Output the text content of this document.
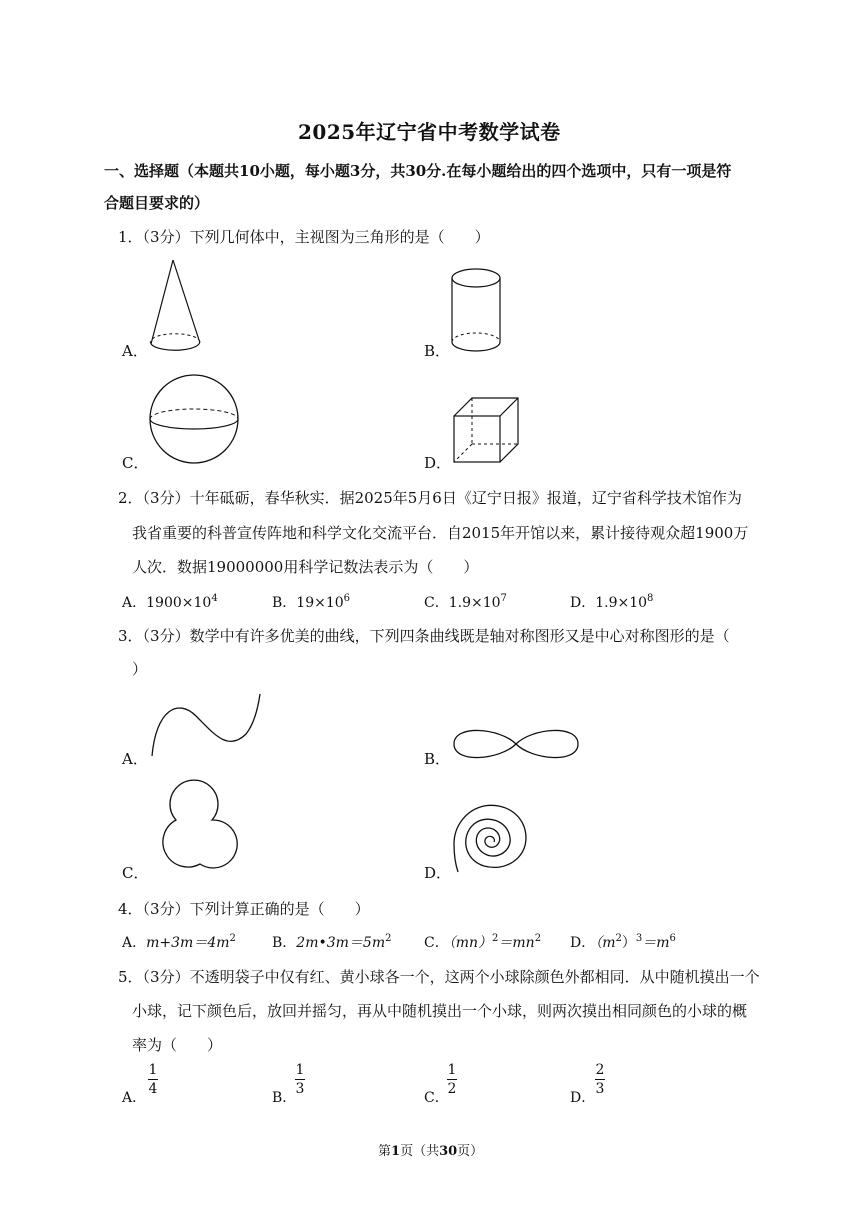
2025年辽宁省中考数学试卷
一、选择题（本题共10小题，每小题3分，共30分.在每小题给出的四个选项中，只有一项是符
合题目要求的）
1．（3分）下列几何体中，主视图为三角形的是（　　）
A．	B．
C．	D．
2．（3分）十年砥砺，春华秋实．据2025年5月6日《辽宁日报》报道，辽宁省科学技术馆作为
我省重要的科普宣传阵地和科学文化交流平台．自2015年开馆以来，累计接待观众超1900万
人次．数据19000000用科学记数法表示为（　　）
A．$1900\times 10^4$	B．$19\times 10^6$	C．$1.9\times 10^7$	D．$1.9\times 10^8$
3．（3分）数学中有许多优美的曲线，下列四条曲线既是轴对称图形又是中心对称图形的是（
）
A．	B．
C．	D．
4．（3分）下列计算正确的是（　　）
A．$m+3m=4m^2$	B．$2m•3m=5m^2$ C．$(mn)^2=mn^2$ D．$(m^2)^3=m^6$
5．（3分）不透明袋子中仅有红、黄小球各一个，这两个小球除颜色外都相同．从中随机摸出一个
小球，记下颜色后，放回并摇匀，再从中随机摸出一个小球，则两次摸出相同颜色的小球的概
率为（　　）
A．
1
4
B．
1
3
C．
1
2
D．
2
3
第1页（共30页）
